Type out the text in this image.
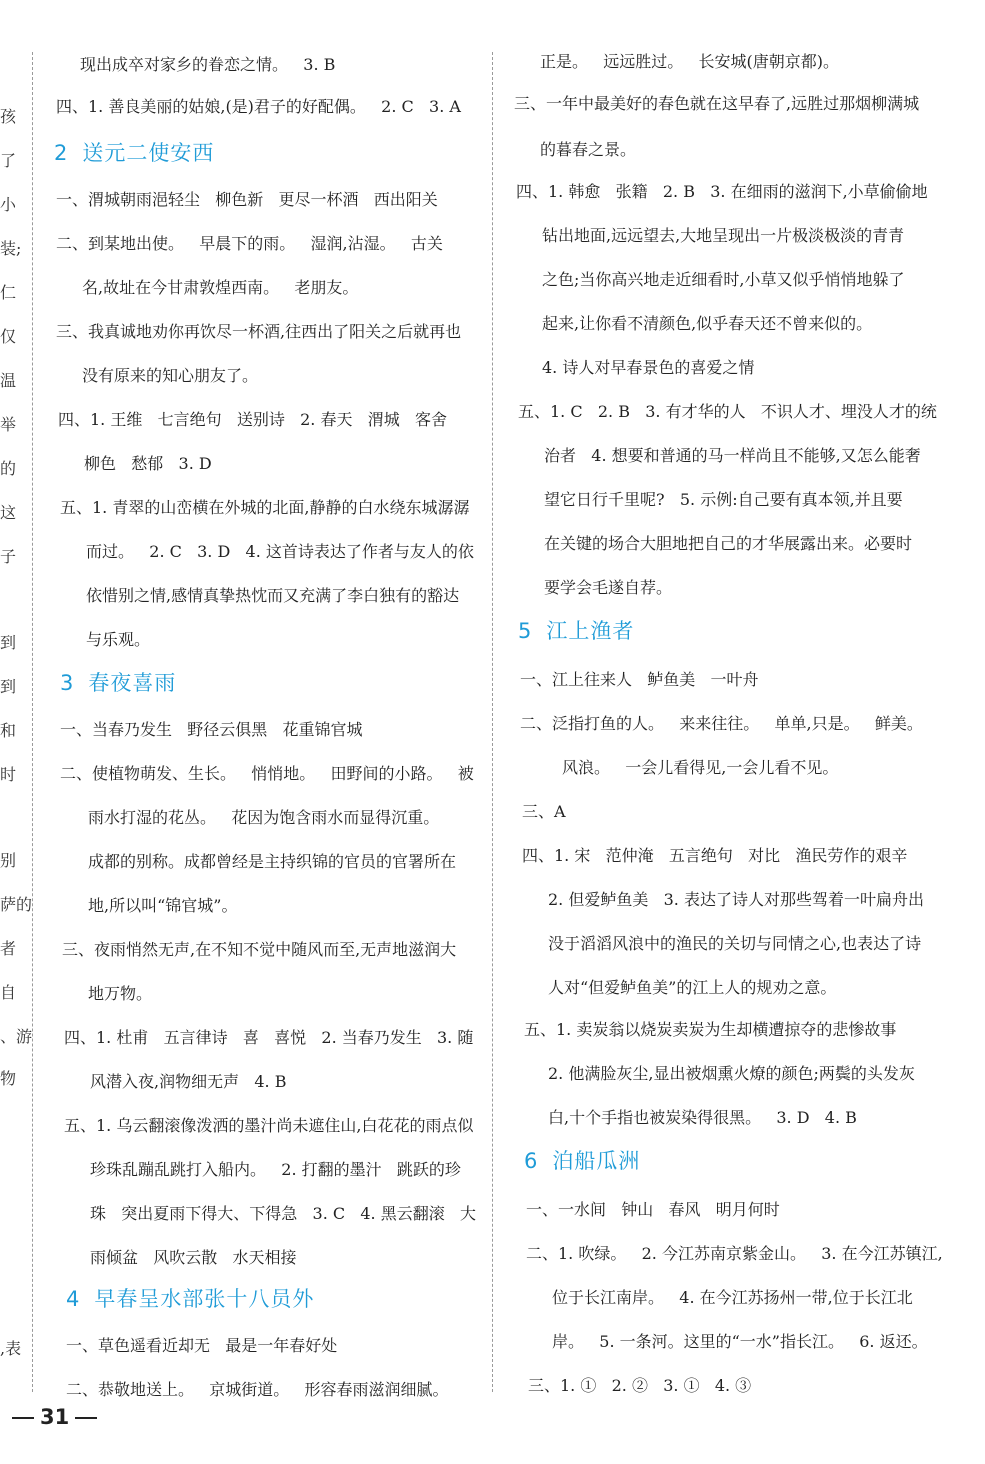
孩
了
小
装;
仁
仅
温
举
的
这
子
到
到
和
时
别
萨的
者
自
、游
物
,表
现出成卒对家乡的眷恋之情。   3. B
四、1. 善良美丽的姑娘,(是)君子的好配偶。   2. C   3. A
2 送元二使安西
一、渭城朝雨浥轻尘   柳色新   更尽一杯酒   西出阳关
二、到某地出使。   早晨下的雨。   湿润,沾湿。   古关
名,故址在今甘肃敦煌西南。   老朋友。
三、我真诚地劝你再饮尽一杯酒,往西出了阳关之后就再也
没有原来的知心朋友了。
四、1. 王维   七言绝句   送别诗   2. 春天   渭城   客舍
柳色   愁郁   3. D
五、1. 青翠的山峦横在外城的北面,静静的白水绕东城潺潺
而过。   2. C   3. D   4. 这首诗表达了作者与友人的依
依惜别之情,感情真挚热忱而又充满了李白独有的豁达
与乐观。
3 春夜喜雨
一、当春乃发生   野径云俱黑   花重锦官城
二、使植物萌发、生长。   悄悄地。   田野间的小路。   被
雨水打湿的花丛。   花因为饱含雨水而显得沉重。
成都的别称。成都曾经是主持织锦的官员的官署所在
地,所以叫“锦官城”。
三、夜雨悄然无声,在不知不觉中随风而至,无声地滋润大
地万物。
四、1. 杜甫   五言律诗   喜   喜悦   2. 当春乃发生   3. 随
风潜入夜,润物细无声   4. B
五、1. 乌云翻滚像泼洒的墨汁尚未遮住山,白花花的雨点似
珍珠乱蹦乱跳打入船内。   2. 打翻的墨汁   跳跃的珍
珠   突出夏雨下得大、下得急   3. C   4. 黑云翻滚   大
雨倾盆   风吹云散   水天相接
4 早春呈水部张十八员外
一、草色遥看近却无   最是一年春好处
二、恭敬地送上。   京城街道。   形容春雨滋润细腻。
正是。   远远胜过。   长安城(唐朝京都)。
三、一年中最美好的春色就在这早春了,远胜过那烟柳满城
的暮春之景。
四、1. 韩愈   张籍   2. B   3. 在细雨的滋润下,小草偷偷地
钻出地面,远远望去,大地呈现出一片极淡极淡的青青
之色;当你高兴地走近细看时,小草又似乎悄悄地躲了
起来,让你看不清颜色,似乎春天还不曾来似的。
4. 诗人对早春景色的喜爱之情
五、1. C   2. B   3. 有才华的人   不识人才、埋没人才的统
治者   4. 想要和普通的马一样尚且不能够,又怎么能奢
望它日行千里呢?   5. 示例:自己要有真本领,并且要
在关键的场合大胆地把自己的才华展露出来。必要时
要学会毛遂自荐。
5 江上渔者
一、江上往来人   鲈鱼美   一叶舟
二、泛指打鱼的人。   来来往往。   单单,只是。   鲜美。
风浪。   一会儿看得见,一会儿看不见。
三、A
四、1. 宋   范仲淹   五言绝句   对比   渔民劳作的艰辛
2. 但爱鲈鱼美   3. 表达了诗人对那些驾着一叶扁舟出
没于滔滔风浪中的渔民的关切与同情之心,也表达了诗
人对“但爱鲈鱼美”的江上人的规劝之意。
五、1. 卖炭翁以烧炭卖炭为生却横遭掠夺的悲惨故事
2. 他满脸灰尘,显出被烟熏火燎的颜色;两鬓的头发灰
白,十个手指也被炭染得很黑。   3. D   4. B
6 泊船瓜洲
一、一水间   钟山   春风   明月何时
二、1. 吹绿。   2. 今江苏南京紫金山。   3. 在今江苏镇江,
位于长江南岸。   4. 在今江苏扬州一带,位于长江北
岸。   5. 一条河。这里的“一水”指长江。   6. 返还。
三、1. ①   2. ②   3. ①   4. ③
31
